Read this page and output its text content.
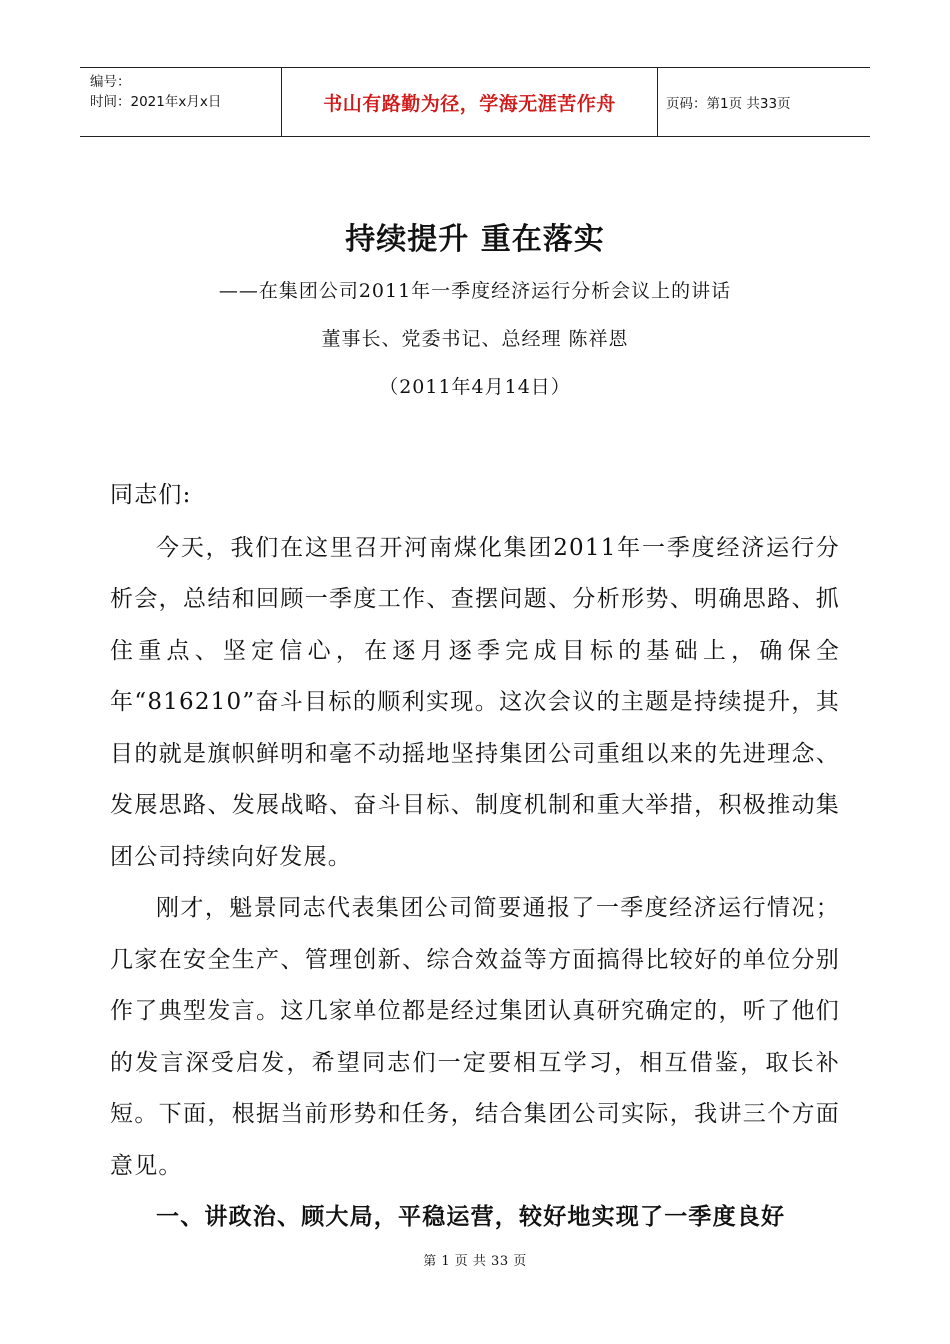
编号：
时间：2021年x月x日	书山有路勤为径，学海无涯苦作舟	页码：第1页 共33页
持续提升 重在落实
——在集团公司2011年一季度经济运行分析会议上的讲话
董事长、党委书记、总经理 陈祥恩
（2011年4月14日）

同志们:

今天，我们在这里召开河南煤化集团2011年一季度经济运行分析会，总结和回顾一季度工作、查摆问题、分析形势、明确思路、抓住重点、坚定信心，在逐月逐季完成目标的基础上，确保全年“816210”奋斗目标的顺利实现。这次会议的主题是持续提升，其目的就是旗帜鲜明和毫不动摇地坚持集团公司重组以来的先进理念、发展思路、发展战略、奋斗目标、制度机制和重大举措，积极推动集团公司持续向好发展。

刚才，魁景同志代表集团公司简要通报了一季度经济运行情况；几家在安全生产、管理创新、综合效益等方面搞得比较好的单位分别作了典型发言。这几家单位都是经过集团认真研究确定的，听了他们的发言深受启发，希望同志们一定要相互学习，相互借鉴，取长补短。下面，根据当前形势和任务，结合集团公司实际，我讲三个方面意见。

一、讲政治、顾大局，平稳运营，较好地实现了一季度良好

第 1 页 共 33 页
